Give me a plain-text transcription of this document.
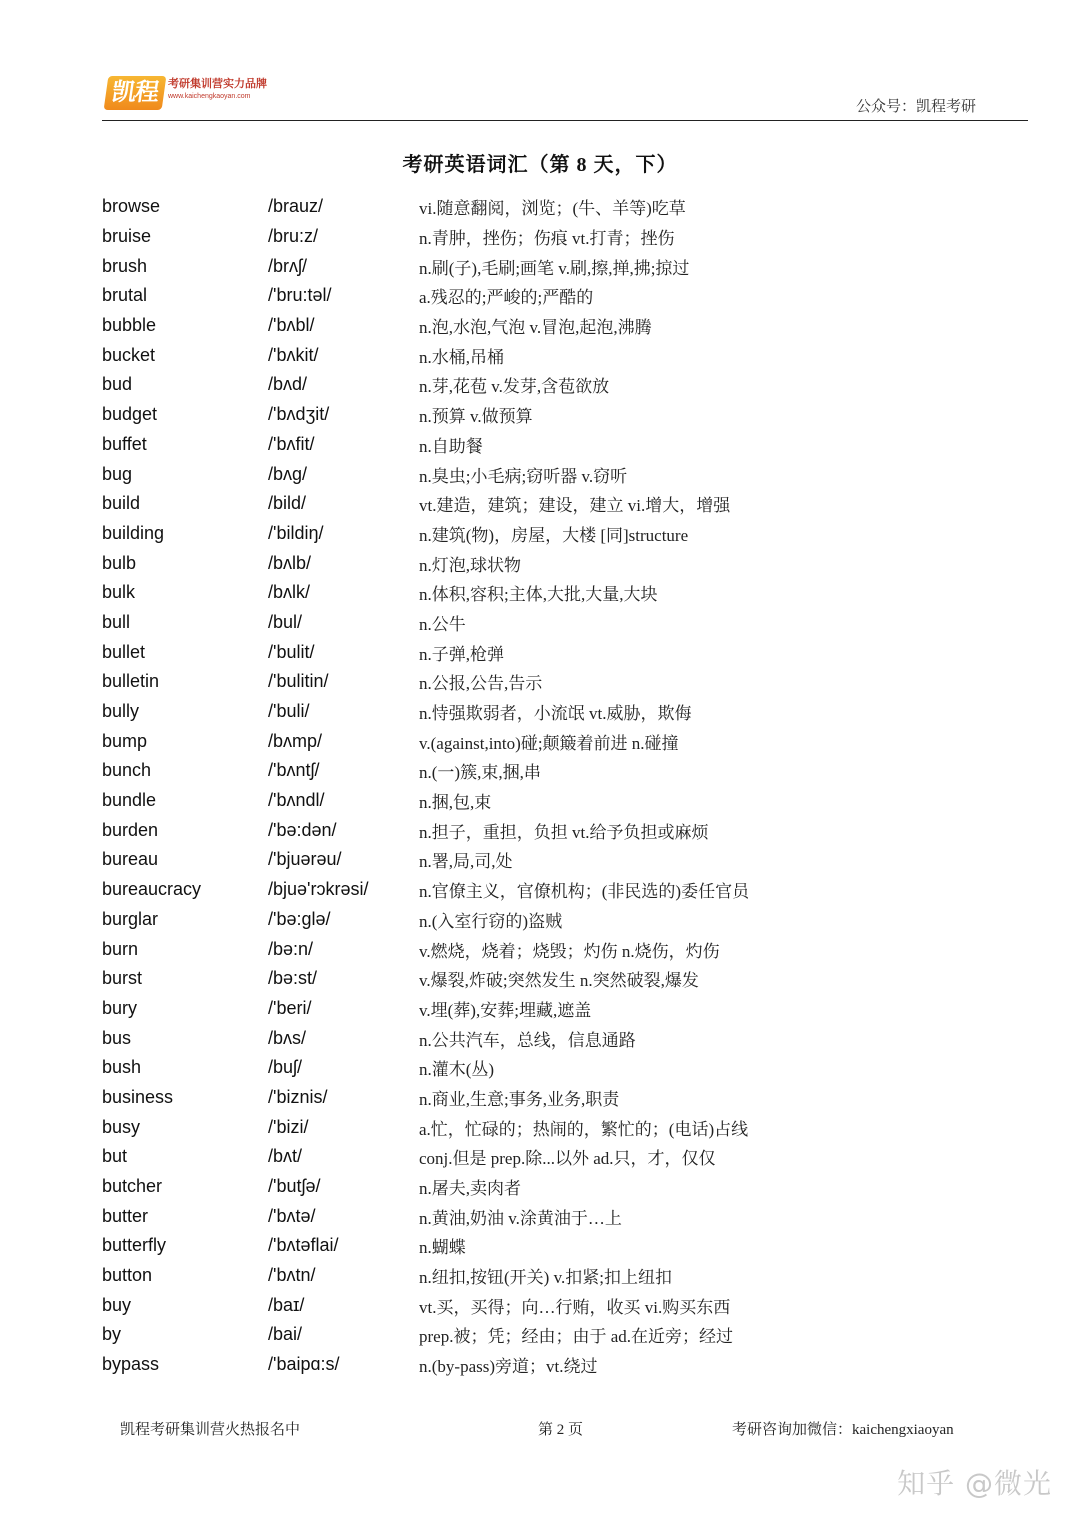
凯程 考研集训营实力品牌
www.kaichengkaoyan.com
公众号：凯程考研
考研英语词汇（第 8 天，下）
browse	/brauz/	vi.随意翻阅，浏览；(牛、羊等)吃草
bruise	/bru:z/	n.青肿，挫伤；伤痕 vt.打青；挫伤
brush	/brʌʃ/	n.刷(子),毛刷;画笔 v.刷,擦,掸,拂;掠过
brutal	/'bru:təl/	a.残忍的;严峻的;严酷的
bubble	/'bʌbl/	n.泡,水泡,气泡 v.冒泡,起泡,沸腾
bucket	/'bʌkit/	n.水桶,吊桶
bud	/bʌd/	n.芽,花苞 v.发芽,含苞欲放
budget	/'bʌdʒit/	n.预算 v.做预算
buffet	/'bʌfit/	n.自助餐
bug	/bʌg/	n.臭虫;小毛病;窃听器 v.窃听
build	/bild/	vt.建造，建筑；建设，建立 vi.增大，增强
building	/'bildiŋ/	n.建筑(物)，房屋，大楼 [同]structure
bulb	/bʌlb/	n.灯泡,球状物
bulk	/bʌlk/	n.体积,容积;主体,大批,大量,大块
bull	/bul/	n.公牛
bullet	/'bulit/	n.子弹,枪弹
bulletin	/'bulitin/	n.公报,公告,告示
bully	/'buli/	n.恃强欺弱者，小流氓 vt.威胁，欺侮
bump	/bʌmp/	v.(against,into)碰;颠簸着前进 n.碰撞
bunch	/'bʌntʃ/	n.(一)簇,束,捆,串
bundle	/'bʌndl/	n.捆,包,束
burden	/'bə:dən/	n.担子，重担，负担 vt.给予负担或麻烦
bureau	/'bjuərəu/	n.署,局,司,处
bureaucracy	/bjuə'rɔkrəsi/	n.官僚主义，官僚机构；(非民选的)委任官员
burglar	/'bə:glə/	n.(入室行窃的)盗贼
burn	/bə:n/	v.燃烧，烧着；烧毁；灼伤 n.烧伤，灼伤
burst	/bə:st/	v.爆裂,炸破;突然发生 n.突然破裂,爆发
bury	/'beri/	v.埋(葬),安葬;埋藏,遮盖
bus	/bʌs/	n.公共汽车，总线，信息通路
bush	/buʃ/	n.灌木(丛)
business	/'biznis/	n.商业,生意;事务,业务,职责
busy	/'bizi/	a.忙，忙碌的；热闹的，繁忙的；(电话)占线
but	/bʌt/	conj.但是 prep.除...以外 ad.只，才，仅仅
butcher	/'butʃə/	n.屠夫,卖肉者
butter	/'bʌtə/	n.黄油,奶油 v.涂黄油于…上
butterfly	/'bʌtəflai/	n.蝴蝶
button	/'bʌtn/	n.纽扣,按钮(开关) v.扣紧;扣上纽扣
buy	/baɪ/	vt.买，买得；向…行贿，收买 vi.购买东西
by	/bai/	prep.被；凭；经由；由于 ad.在近旁；经过
bypass	/'baipɑ:s/	n.(by-pass)旁道；vt.绕过
凯程考研集训营火热报名中	第 2 页	考研咨询加微信：kaichengxiaoyan
知乎 @微光
